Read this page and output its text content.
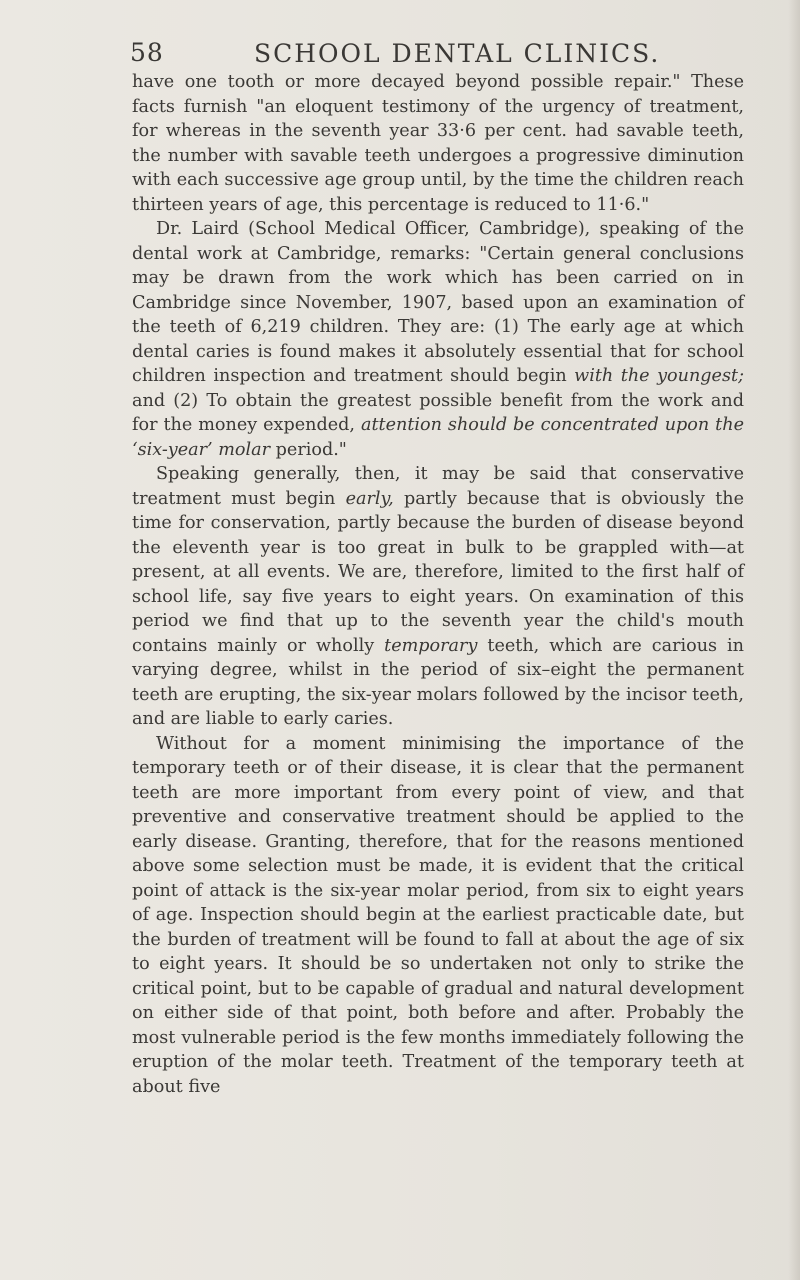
58	SCHOOL DENTAL CLINICS.

have one tooth or more decayed beyond possible repair." These facts furnish "an eloquent testimony of the urgency of treatment, for whereas in the seventh year 33·6 per cent. had savable teeth, the number with savable teeth undergoes a progressive diminution with each successive age group until, by the time the children reach thirteen years of age, this percentage is reduced to 11·6."

Dr. Laird (School Medical Officer, Cambridge), speaking of the dental work at Cambridge, remarks: "Certain general conclusions may be drawn from the work which has been carried on in Cambridge since November, 1907, based upon an examination of the teeth of 6,219 children. They are: (1) The early age at which dental caries is found makes it absolutely essential that for school children inspection and treatment should begin with the youngest; and (2) To obtain the greatest possible benefit from the work and for the money expended, attention should be concentrated upon the ‘six-year’ molar period."

Speaking generally, then, it may be said that conservative treatment must begin early, partly because that is obviously the time for conservation, partly because the burden of disease beyond the eleventh year is too great in bulk to be grappled with—at present, at all events. We are, therefore, limited to the first half of school life, say five years to eight years. On examination of this period we find that up to the seventh year the child's mouth contains mainly or wholly temporary teeth, which are carious in varying degree, whilst in the period of six–eight the permanent teeth are erupting, the six-year molars followed by the incisor teeth, and are liable to early caries.

Without for a moment minimising the importance of the temporary teeth or of their disease, it is clear that the permanent teeth are more important from every point of view, and that preventive and conservative treatment should be applied to the early disease. Granting, therefore, that for the reasons mentioned above some selection must be made, it is evident that the critical point of attack is the six-year molar period, from six to eight years of age. Inspection should begin at the earliest practicable date, but the burden of treatment will be found to fall at about the age of six to eight years. It should be so undertaken not only to strike the critical point, but to be capable of gradual and natural development on either side of that point, both before and after. Probably the most vulnerable period is the few months immediately following the eruption of the molar teeth. Treatment of the temporary teeth at about five
